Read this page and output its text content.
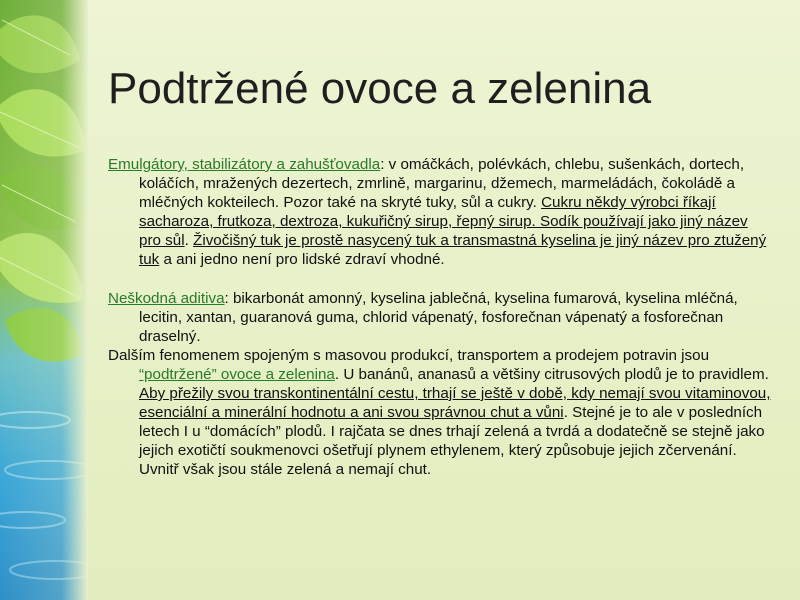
Podtržené ovoce a zelenina

Emulgátory, stabilizátory a zahušťovadla: v omáčkách, polévkách, chlebu, sušenkách, dortech, koláčích, mražených dezertech, zmrlině, margarinu, džemech, marmeládách, čokoládě a mléčných kokteilech. Pozor také na skryté tuky, sůl a cukry. Cukru někdy výrobci říkají sacharoza, frutkoza, dextroza, kukuřičný sirup, řepný sirup. Sodík používají jako jiný název pro sůl. Živočišný tuk je prostě nasycený tuk a transmastná kyselina je jiný název pro ztužený tuk a ani jedno není pro lidské zdraví vhodné.

Neškodná aditiva: bikarbonát amonný, kyselina jablečná, kyselina fumarová, kyselina mléčná, lecitin, xantan, guaranová guma, chlorid vápenatý, fosforečnan vápenatý a fosforečnan draselný.

Dalším fenomenem spojeným s masovou produkcí, transportem a prodejem potravin jsou “podtržené” ovoce a zelenina. U banánů, ananasů a většiny citrusových plodů je to pravidlem. Aby přežily svou transkontinentální cestu, trhají se ještě v době, kdy nemají svou vitaminovou, esenciální a minerální hodnotu a ani svou správnou chut a vůni. Stejné je to ale v posledních letech I u “domácích” plodů. I rajčata se dnes trhají zelená a tvrdá a dodatečně se stejně jako jejich exotičtí soukmenovci ošetřují plynem ethylenem, který způsobuje jejich zčervenání. Uvnitř však jsou stále zelená a nemají chut.
